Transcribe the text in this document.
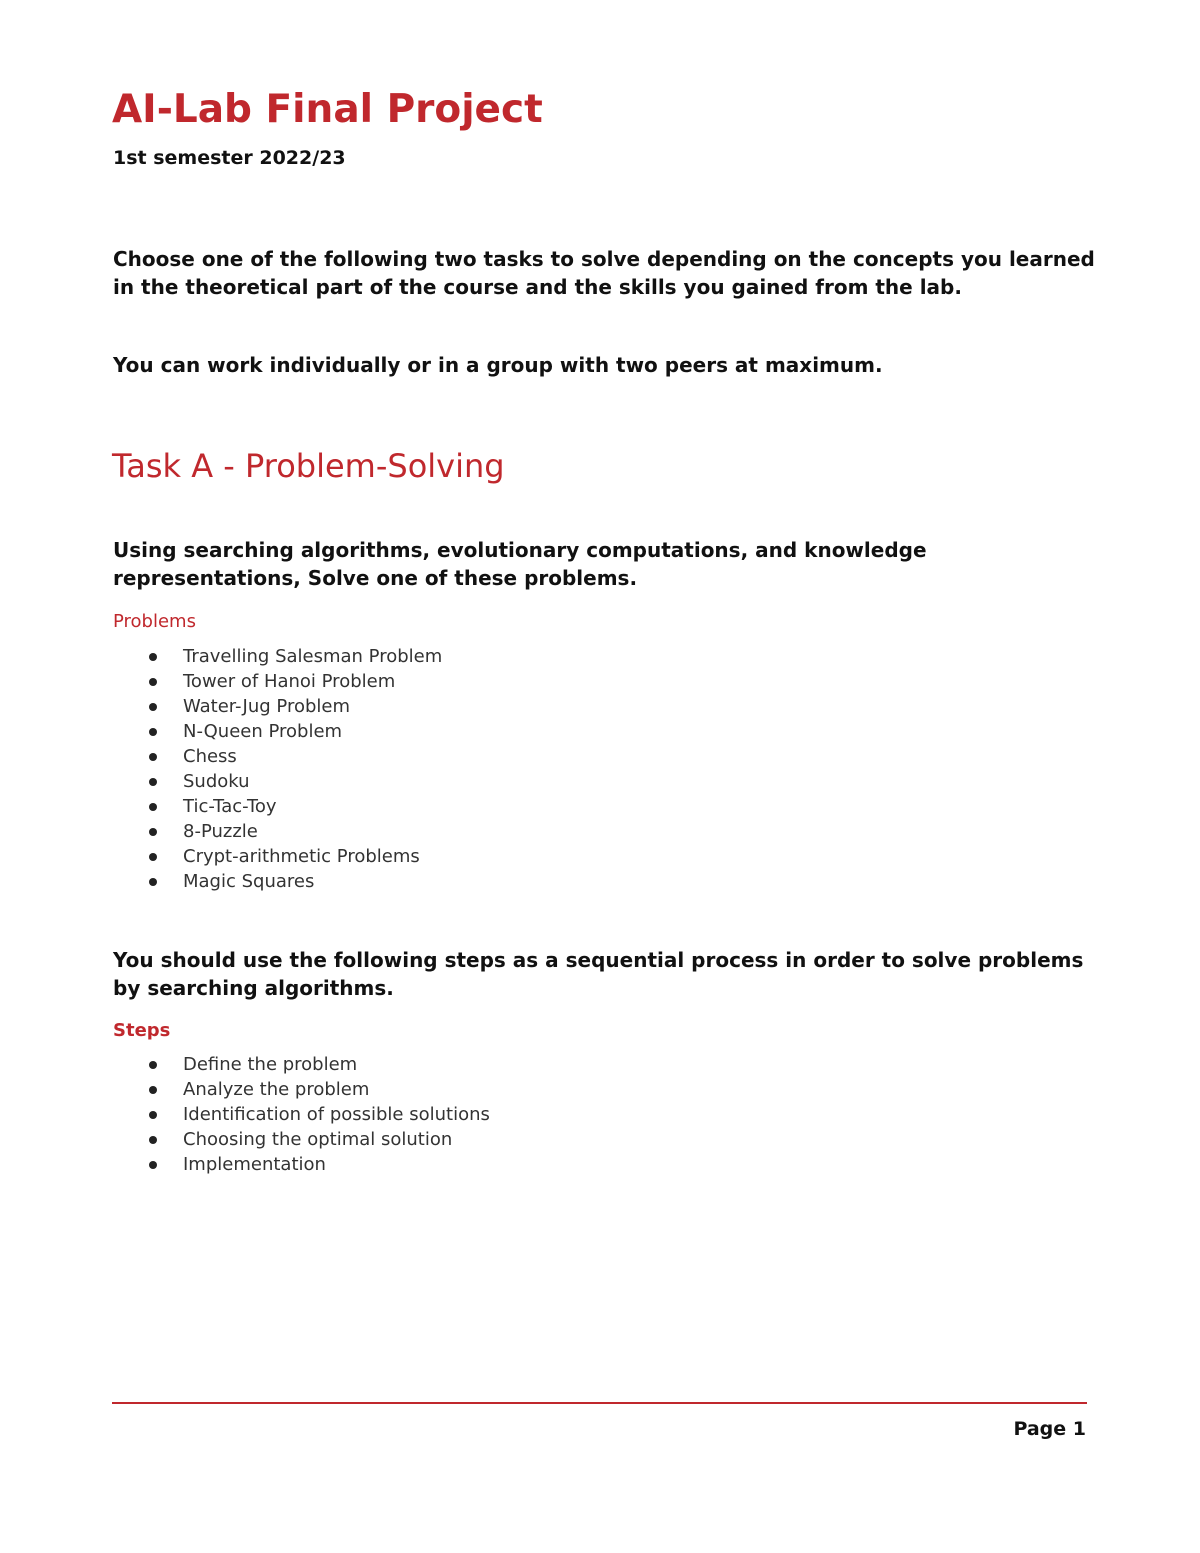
AI-Lab Final Project
1st semester 2022/23
Choose one of the following two tasks to solve depending on the concepts you learned in the theoretical part of the course and the skills you gained from the lab.
You can work individually or in a group with two peers at maximum.
Task A - Problem-Solving
Using searching algorithms, evolutionary computations, and knowledge representations, Solve one of these problems.
Problems
Travelling Salesman Problem
Tower of Hanoi Problem
Water-Jug Problem
N-Queen Problem
Chess
Sudoku
Tic-Tac-Toy
8-Puzzle
Crypt-arithmetic Problems
Magic Squares
You should use the following steps as a sequential process in order to solve problems by searching algorithms.
Steps
Define the problem
Analyze the problem
Identification of possible solutions
Choosing the optimal solution
Implementation
Page 1
